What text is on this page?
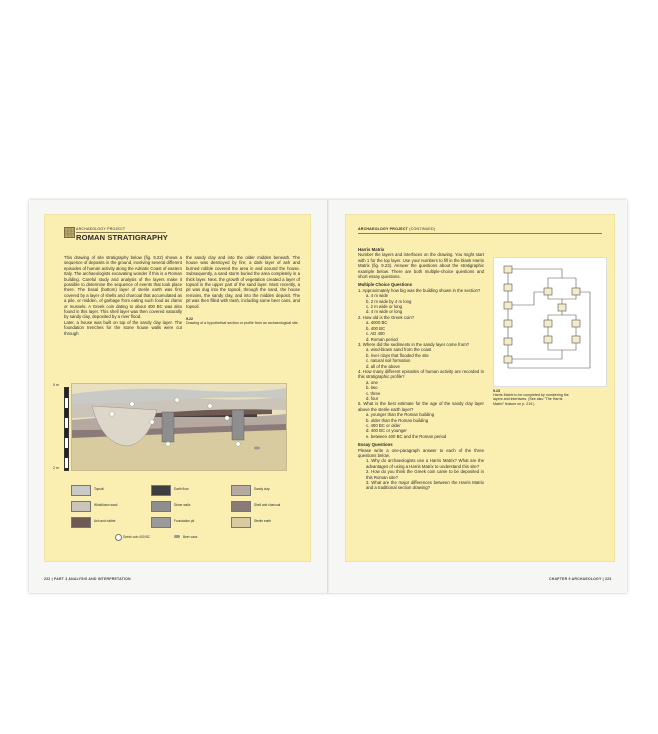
ARCHAEOLOGY PROJECT
ROMAN STRATIGRAPHY
This drawing of site stratigraphy below (fig. 9.22) shows a sequence of deposits in the ground, involving several different episodes of human activity along the Adriatic Coast of eastern Italy. The archaeologists excavating wonder if this is a Roman building. Careful study and analysis of the layers make it possible to determine the sequence of events that took place there. The basal (bottom) layer of sterile earth was first covered by a layer of shells and charcoal that accumulated as a pile, or midden, of garbage from eating such food as clams or mussels. A Greek coin dating to about 400 BC was also found in this layer. This shell layer was then covered naturally by sandy clay, deposited by a river flood.
Later, a house was built on top of the sandy clay layer. The foundation trenches for the stone house walls were cut through
the sandy clay and into the older midden beneath. The house was destroyed by fire; a dark layer of ash and burned rubble covered the area in and around the house. Subsequently, a sand storm buried the area completely in a thick layer. Next, the growth of vegetation created a layer of topsoil in the upper part of the sand layer. Most recently, a pit was dug into the topsoil, through the sand, the house remains, the sandy clay, and into the midden deposit. The pit was then filled with trash, including some beer cans, and topsoil.
9.22
Drawing of a hypothetical section or profile from an archaeological site.
0 m
2 m
Topsoil	Earth floor	Sandy clay
Windblown sand	Stone walls	Shell and charcoal
Ash and rubble	Foundation pit	Sterile earth
Greek coin 400 BC	Beer cans
222 | PART 3 ANALYSIS AND INTERPRETATION
ARCHAEOLOGY PROJECT (CONTINUED)
Harris Matrix
Number the layers and interfaces on the drawing. You might start with 1 for the top layer. Use your numbers to fill in the blank Harris Matrix (fig. 9.23). Answer the questions about the stratigraphic example below. There are both multiple-choice questions and short essay questions.
Multiple Choice Questions
1. Approximately how big was the building shown in the section?
a. 4 m wide
b. 2 m wide by 4 m long
c. 2 m wide or long
d. 4 m wide or long
2. How old is the Greek coin?
a. 4000 BC
b. 400 BC
c. AD 400
d. Roman period
3. Where did the sediments in the sandy layer come from?
a. wind-blown sand from the coast
b. river clays that flooded the site
c. natural soil formation
d. all of the above
4. How many different episodes of human activity are recorded in this stratigraphic profile?
a. one
b. two
c. three
d. four
5. What is the best estimate for the age of the sandy clay layer above the sterile earth layer?
a. younger than the Roman building
b. older than the Roman building
c. 400 BC or older
d. 400 BC or younger
e. between 400 BC and the Roman period
Essay Questions
Please write a one-paragraph answer to each of the three questions below.
1. Why do archaeologists use a Harris Matrix? What are the advantages of using a Harris Matrix to understand this site?
2. How do you think the Greek coin came to be deposited in this Roman site?
3. What are the major differences between the Harris Matrix and a traditional section drawing?
9.23
Harris Matrix to be completed by numbering the layers and interfaces. (See also "The Harris Matrix" feature on p. 219.)
CHAPTER 9 ARCHAEOLOGY | 223
